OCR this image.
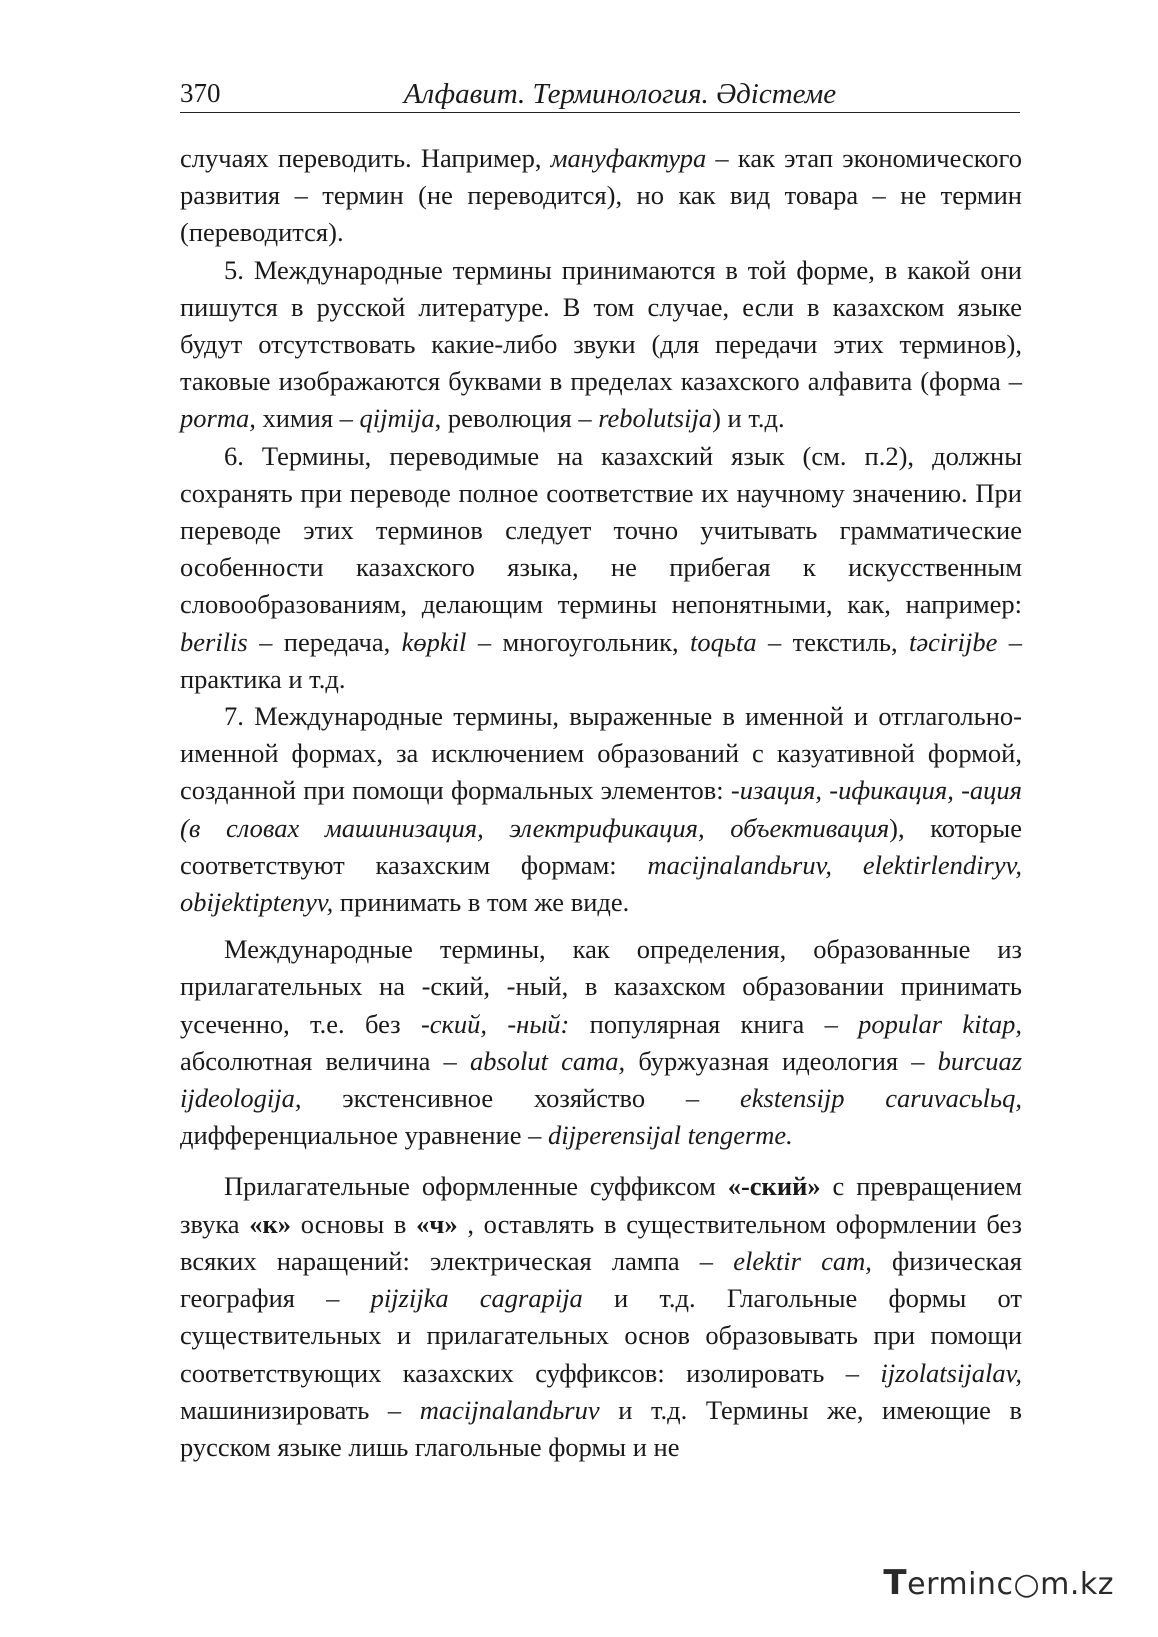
370	Алфавит. Терминология. Әдістеме

случаях переводить. Например, мануфактура – как этап экономического развития – термин (не переводится), но как вид товара – не термин (переводится).

5. Международные термины принимаются в той форме, в какой они пишутся в русской литературе. В том случае, если в казахском языке будут отсутствовать какие-либо звуки (для передачи этих терминов), таковые изображаются буквами в пределах казахского алфавита (форма – porma, химия – qijmija, революция – rebolutsija) и т.д.

6. Термины, переводимые на казахский язык (см. п.2), должны сохранять при переводе полное соответствие их научному значению. При переводе этих терминов следует точно учитывать грамматические особенности казахского языка, не прибегая к искусственным словообразованиям, делающим термины непонятными, как, например: berilis – передача, kөpkil – многоугольник, toqьta – текстиль, tәcirijbe – практика и т.д.

7. Международные термины, выраженные в именной и отглагольно-именной формах, за исключением образований с казуативной формой, созданной при помощи формальных элементов: -изация, -ификация, -ация (в словах машинизация, электрификация, объективация), которые соответствуют казахским формам: macijnalandьruv, elektirlendiryv, obijektiptenyv, принимать в том же виде.

Международные термины, как определения, образованные из прилагательных на -ский, -ный, в казахском образовании принимать усеченно, т.е. без -ский, -ный: популярная книга – popular kitap, абсолютная величина – absolut cama, буржуазная идеология – burcuaz ijdeologija, экстенсивное хозяйство – ekstensijp caruvacьlьq, дифференциальное уравнение – dijperensijal tengerme.

Прилагательные оформленные суффиксом «-ский» с превращением звука «к» основы в «ч» , оставлять в существительном оформлении без всяких наращений: электрическая лампа – elektir cam, физическая география – pijzijka cagrapija и т.д. Глагольные формы от существительных и прилагательных основ образовывать при помощи соответствующих казахских суффиксов: изолировать – ijzolatsijalav, машинизировать – macijnalandьruv и т.д. Термины же, имеющие в русском языке лишь глагольные формы и не

Terminc○m.kz
